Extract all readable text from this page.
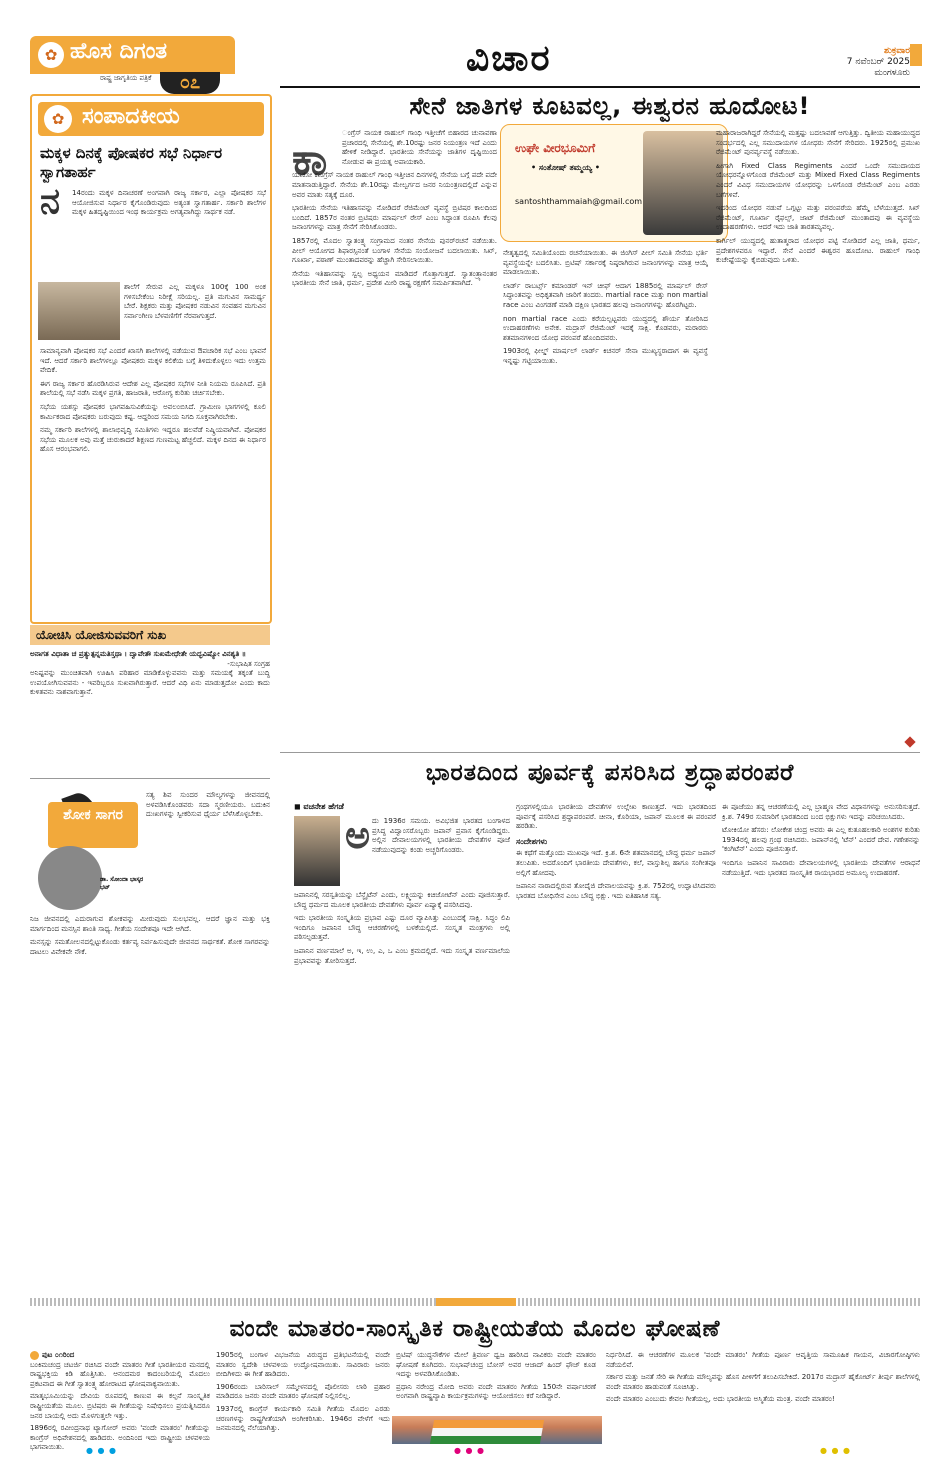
✿ ಹೊಸ ದಿಗಂತ
ರಾಷ್ಟ್ರ ಜಾಗೃತಿಯ ಪತ್ರಿಕೆ	೦೭
ವಿಚಾರ	ಶುಕ್ರವಾರ
7 ನವೆಂಬರ್ 2025
ಮಂಗಳೂರು
✿ ಸಂಪಾದಕೀಯ
ಮಕ್ಕಳ ದಿನಕ್ಕೆ ಪೋಷಕರ ಸಭೆ ನಿರ್ಧಾರ ಸ್ವಾಗತಾರ್ಹ
ನ 14ರಂದು ಮಕ್ಕಳ ದಿನಾಚರಣೆ ಅಂಗವಾಗಿ ರಾಜ್ಯ ಸರ್ಕಾರ, ಎಲ್ಲಾ ಪೋಷಕರ ಸಭೆ ಆಯೋಜಿಸುವ ನಿರ್ಧಾರ ಕೈಗೊಂಡಿರುವುದು ಅತ್ಯಂತ ಸ್ವಾಗತಾರ್ಹ. ಸರ್ಕಾರಿ ಶಾಲೆಗಳ ಮಕ್ಕಳ ಹಿತದೃಷ್ಟಿಯಿಂದ ಇಂಥ ಕಾರ್ಯಕ್ರಮ ಅಗತ್ಯವಾಗಿದ್ದು ಸಾರ್ಥಕ ನಡೆ.

ಶಾಲೆಗೆ ಸೇರುವ ಎಲ್ಲ ಮಕ್ಕಳೂ 100ಕ್ಕೆ 100 ಅಂಕ ಗಳಿಸಬೇಕೆಂಬ ನಿರೀಕ್ಷೆ ಸರಿಯಲ್ಲ. ಪ್ರತಿ ಮಗುವಿನ ಸಾಮರ್ಥ್ಯ ಬೇರೆ. ಶಿಕ್ಷಕರು ಮತ್ತು ಪೋಷಕರ ನಡುವಿನ ಸಂವಹನ ಮಗುವಿನ ಸರ್ವಾಂಗೀಣ ಬೆಳವಣಿಗೆಗೆ ನೆರವಾಗುತ್ತದೆ.

ಸಾಮಾನ್ಯವಾಗಿ ಪೋಷಕರ ಸಭೆ ಎಂದರೆ ಖಾಸಗಿ ಶಾಲೆಗಳಲ್ಲಿ ನಡೆಯುವ ಔಪಚಾರಿಕ ಸಭೆ ಎಂಬ ಭಾವನೆ ಇದೆ. ಆದರೆ ಸರ್ಕಾರಿ ಶಾಲೆಗಳಲ್ಲೂ ಪೋಷಕರು ಮಕ್ಕಳ ಕಲಿಕೆಯ ಬಗ್ಗೆ ತಿಳಿದುಕೊಳ್ಳಲು ಇದು ಉತ್ತಮ ವೇದಿಕೆ.

ಈಗ ರಾಜ್ಯ ಸರ್ಕಾರ ಹೊರಡಿಸಿರುವ ಆದೇಶ ಎಲ್ಲ ಪೋಷಕರ ಸಭೆಗಳ ನೀತಿ ನಿಯಮ ರೂಪಿಸಿದೆ. ಪ್ರತಿ ಶಾಲೆಯಲ್ಲಿ ಸಭೆ ನಡೆಸಿ ಮಕ್ಕಳ ಪ್ರಗತಿ, ಹಾಜರಾತಿ, ಆರೋಗ್ಯ ಕುರಿತು ಚರ್ಚಿಸಬೇಕು.

ಸಭೆಯ ಯಶಸ್ಸು ಪೋಷಕರ ಭಾಗವಹಿಸುವಿಕೆಯನ್ನು ಅವಲಂಬಿಸಿದೆ. ಗ್ರಾಮೀಣ ಭಾಗಗಳಲ್ಲಿ ಕೂಲಿ ಕಾರ್ಮಿಕರಾದ ಪೋಷಕರು ಬರುವುದು ಕಷ್ಟ. ಆದ್ದರಿಂದ ಸಮಯ ನಿಗದಿ ಸೂಕ್ತವಾಗಿರಬೇಕು.

ನಮ್ಮ ಸರ್ಕಾರಿ ಶಾಲೆಗಳಲ್ಲಿ ಶಾಲಾಭಿವೃದ್ಧಿ ಸಮಿತಿಗಳು ಇದ್ದರೂ ಹಲವೆಡೆ ನಿಷ್ಕ್ರಿಯವಾಗಿವೆ. ಪೋಷಕರ ಸಭೆಯ ಮೂಲಕ ಅವು ಮತ್ತೆ ಚುರುಕಾದರೆ ಶಿಕ್ಷಣದ ಗುಣಮಟ್ಟ ಹೆಚ್ಚಲಿದೆ. ಮಕ್ಕಳ ದಿನದ ಈ ನಿರ್ಧಾರ ಹೊಸ ಆರಂಭವಾಗಲಿ.

ಯೋಚಿಸಿ ಯೋಜಿಸುವವರಿಗೆ ಸುಖ

ಅನಾಗತ ವಿಧಾತಾ ಚ ಪ್ರತ್ಯುತ್ಪನ್ನಮತಿಸ್ತಥಾ । ದ್ವಾವೇತೌ ಸುಖಮೇಧೇತೇ ಯದ್ಭವಿಷ್ಯೋ ವಿನಶ್ಯತಿ ॥

-ಸುಭಾಷಿತ ಸಂಗ್ರಹ

ಅನಿಷ್ಟವನ್ನು ಮುಂಚಿತವಾಗಿ ಊಹಿಸಿ ಪರಿಹಾರ ಮಾಡಿಕೊಳ್ಳುವವನು ಮತ್ತು ಸಮಯಕ್ಕೆ ತಕ್ಕಂತೆ ಬುದ್ಧಿ ಉಪಯೋಗಿಸುವವನು - ಇವರಿಬ್ಬರೂ ಸುಖವಾಗಿರುತ್ತಾರೆ. ಆದರೆ ವಿಧಿ ಏನು ಮಾಡುತ್ತದೋ ಎಂದು ಕಾದು ಕುಳಿತವನು ನಾಶವಾಗುತ್ತಾನೆ.

ಶೋಕ ಸಾಗರ
ಡಾ. ಸೋಂದಾ ಭಾಸ್ಕರ ಭಟ್

ಸತ್ಯ ಶಿವ ಸುಂದರ ಮೌಲ್ಯಗಳನ್ನು ಜೀವನದಲ್ಲಿ ಅಳವಡಿಸಿಕೊಂಡವರು ಸದಾ ಸ್ಮರಣೀಯರು. ಬದುಕಿನ ದುಃಖಗಳನ್ನು ಸ್ವೀಕರಿಸುವ ಧೈರ್ಯ ಬೆಳೆಸಿಕೊಳ್ಳಬೇಕು.

ನಿಜ ಜೀವನದಲ್ಲಿ ಎದುರಾಗುವ ಶೋಕವನ್ನು ಮೀರುವುದು ಸುಲಭವಲ್ಲ. ಆದರೆ ಜ್ಞಾನ ಮತ್ತು ಭಕ್ತಿ ಮಾರ್ಗದಿಂದ ಮನಸ್ಸಿನ ಶಾಂತಿ ಸಾಧ್ಯ. ಗೀತೆಯ ಸಂದೇಶವೂ ಇದೇ ಆಗಿದೆ.

ಮನಸ್ಸನ್ನು ಸಮತೋಲನದಲ್ಲಿಟ್ಟುಕೊಂಡು ಕರ್ತವ್ಯ ನಿರ್ವಹಿಸುವುದೇ ಜೀವನದ ಸಾರ್ಥಕತೆ. ಶೋಕ ಸಾಗರವನ್ನು ದಾಟಲು ವಿವೇಕವೇ ನೌಕೆ.

ಸೇನೆ ಜಾತಿಗಳ ಕೂಟವಲ್ಲ, ಈಶ್ವರನ ಹೂದೋಟ!
ಕಾ

ಂಗ್ರೆಸ್ ನಾಯಕ ರಾಹುಲ್ ಗಾಂಧಿ ಇತ್ತೀಚೆಗೆ ಬಿಹಾರದ ಚುನಾವಣಾ ಪ್ರಚಾರದಲ್ಲಿ ಸೇನೆಯಲ್ಲಿ ಶೇ.10ರಷ್ಟು ಜನರ ನಿಯಂತ್ರಣ ಇದೆ ಎಂದು ಹೇಳಿಕೆ ನೀಡಿದ್ದಾರೆ. ಭಾರತೀಯ ಸೇನೆಯನ್ನು ಜಾತಿಗಳ ದೃಷ್ಟಿಯಿಂದ ನೋಡುವ ಈ ಪ್ರಯತ್ನ ಅಪಾಯಕಾರಿ.

ಯಾಕೋ ಕಾಂಗ್ರೆಸ್ ನಾಯಕ ರಾಹುಲ್ ಗಾಂಧಿ ಇತ್ತೀಚಿನ ದಿನಗಳಲ್ಲಿ ಸೇನೆಯ ಬಗ್ಗೆ ಪದೇ ಪದೇ ಮಾತನಾಡುತ್ತಿದ್ದಾರೆ. ಸೇನೆಯ ಶೇ.10ರಷ್ಟು ಮೇಲ್ವರ್ಗದ ಜನರ ನಿಯಂತ್ರಣದಲ್ಲಿದೆ ಎನ್ನುವ ಅವರ ಮಾತು ಸತ್ಯಕ್ಕೆ ದೂರ.

ಭಾರತೀಯ ಸೇನೆಯ ಇತಿಹಾಸವನ್ನು ನೋಡಿದರೆ ರೆಜಿಮೆಂಟ್ ವ್ಯವಸ್ಥೆ ಬ್ರಿಟಿಷರ ಕಾಲದಿಂದ ಬಂದಿದೆ. 1857ರ ನಂತರ ಬ್ರಿಟಿಷರು ಮಾರ್ಷಲ್ ರೇಸ್ ಎಂಬ ಸಿದ್ಧಾಂತ ರೂಪಿಸಿ ಕೆಲವು ಜನಾಂಗಗಳನ್ನು ಮಾತ್ರ ಸೇನೆಗೆ ಸೇರಿಸಿಕೊಂಡರು.

1857ರಲ್ಲಿ ಮೊದಲ ಸ್ವಾತಂತ್ರ್ಯ ಸಂಗ್ರಾಮದ ನಂತರ ಸೇನೆಯ ಪುನರ್‌ರಚನೆ ನಡೆಯಿತು. ಪೀಲ್ ಆಯೋಗದ ಶಿಫಾರಸ್ಸಿನಂತೆ ಬಂಗಾಳ ಸೇನೆಯ ಸಂಯೋಜನೆ ಬದಲಾಯಿತು. ಸಿಖ್, ಗೂರ್ಖಾ, ಪಠಾಣ್ ಮುಂತಾದವರನ್ನು ಹೆಚ್ಚಾಗಿ ಸೇರಿಸಲಾಯಿತು.

ಸೇನೆಯ ಇತಿಹಾಸವನ್ನು ಸ್ವಲ್ಪ ಅಧ್ಯಯನ ಮಾಡಿದರೆ ಗೊತ್ತಾಗುತ್ತದೆ. ಸ್ವಾತಂತ್ರ್ಯಾನಂತರ ಭಾರತೀಯ ಸೇನೆ ಜಾತಿ, ಧರ್ಮ, ಪ್ರದೇಶ ಮೀರಿ ರಾಷ್ಟ್ರ ರಕ್ಷಣೆಗೆ ಸಮರ್ಪಿತವಾಗಿದೆ.

ಉಘೇ ವೀರಭೂಮಿಗೆ
• ಸಂತೋಷ್ ತಮ್ಮಯ್ಯ •
santoshthammaiah@gmail.com

ನೇತೃತ್ವದಲ್ಲಿ ಸಮಿತಿಯೊಂದು ರಚನೆಯಾಯಿತು. ಈ ಜಿಂಗಿಸ್ ಪೀಲ್ ಸಮಿತಿ ಸೇನೆಯ ಭರ್ತಿ ವ್ಯವಸ್ಥೆಯನ್ನೇ ಬದಲಿಸಿತು. ಬ್ರಿಟಿಷ್ ಸರ್ಕಾರಕ್ಕೆ ನಿಷ್ಠರಾಗಿರುವ ಜನಾಂಗಗಳನ್ನು ಮಾತ್ರ ಆಯ್ಕೆ ಮಾಡಲಾಯಿತು.

ಲಾರ್ಡ್ ರಾಬರ್ಟ್ಸ್ ಕಮಾಂಡರ್ ಇನ್ ಚೀಫ್ ಆದಾಗ 1885ರಲ್ಲಿ ಮಾರ್ಷಲ್ ರೇಸ್ ಸಿದ್ಧಾಂತವನ್ನು ಅಧಿಕೃತವಾಗಿ ಜಾರಿಗೆ ತಂದರು. martial race ಮತ್ತು non martial race ಎಂಬ ವಿಂಗಡಣೆ ಮಾಡಿ ದಕ್ಷಿಣ ಭಾರತದ ಹಲವು ಜನಾಂಗಗಳನ್ನು ಹೊರಗಿಟ್ಟರು.

non martial race ಎಂದು ಕರೆಯಲ್ಪಟ್ಟವರು ಯುದ್ಧದಲ್ಲಿ ಶೌರ್ಯ ತೋರಿಸಿದ ಉದಾಹರಣೆಗಳು ಅನೇಕ. ಮದ್ರಾಸ್ ರೆಜಿಮೆಂಟ್ ಇದಕ್ಕೆ ಸಾಕ್ಷಿ. ಕೊಡವರು, ಮರಾಠರು ಶತಮಾನಗಳಿಂದ ಯೋಧ ಪರಂಪರೆ ಹೊಂದಿದವರು.

1903ರಲ್ಲಿ ಫೀಲ್ಡ್ ಮಾರ್ಷಲ್ ಲಾರ್ಡ್ ಕಿಚನರ್ ಸೇನಾ ಮುಖ್ಯಸ್ಥರಾದಾಗ ಈ ವ್ಯವಸ್ಥೆ ಇನ್ನಷ್ಟು ಗಟ್ಟಿಯಾಯಿತು.

ಮಹಾರಾಜರಾಗಿದ್ದರೆ ಸೇನೆಯಲ್ಲಿ ಮತ್ತಷ್ಟು ಬದಲಾವಣೆ ಆಗುತ್ತಿತ್ತು. ದ್ವಿತೀಯ ಮಹಾಯುದ್ಧದ ಸಂದರ್ಭದಲ್ಲಿ ಎಲ್ಲ ಸಮುದಾಯಗಳ ಯೋಧರು ಸೇನೆಗೆ ಸೇರಿದರು. 1925ರಲ್ಲಿ ಪ್ರಮುಖ ರೆಜಿಮೆಂಟ್ ಪುನರ್ವ್ಯವಸ್ಥೆ ನಡೆಯಿತು.

ಹೀಗಾಗಿ Fixed Class Regiments ಎಂದರೆ ಒಂದೇ ಸಮುದಾಯದ ಯೋಧರನ್ನೊಳಗೊಂಡ ರೆಜಿಮೆಂಟ್ ಮತ್ತು Mixed Fixed Class Regiments ಎಂದರೆ ವಿವಿಧ ಸಮುದಾಯಗಳ ಯೋಧರನ್ನು ಒಳಗೊಂಡ ರೆಜಿಮೆಂಟ್ ಎಂಬ ಎರಡು ಬಗೆಗಳಿವೆ.

ಇದರಿಂದ ಯೋಧರ ನಡುವೆ ಒಗ್ಗಟ್ಟು ಮತ್ತು ಪರಂಪರೆಯ ಹೆಮ್ಮೆ ಬೆಳೆಯುತ್ತದೆ. ಸಿಖ್ ರೆಜಿಮೆಂಟ್, ಗೂರ್ಖಾ ರೈಫಲ್ಸ್, ಜಾಟ್ ರೆಜಿಮೆಂಟ್ ಮುಂತಾದವು ಈ ವ್ಯವಸ್ಥೆಯ ಉದಾಹರಣೆಗಳು. ಆದರೆ ಇದು ಜಾತಿ ತಾರತಮ್ಯವಲ್ಲ.

ಕಾರ್ಗಿಲ್ ಯುದ್ಧದಲ್ಲಿ ಹುತಾತ್ಮರಾದ ಯೋಧರ ಪಟ್ಟಿ ನೋಡಿದರೆ ಎಲ್ಲ ಜಾತಿ, ಧರ್ಮ, ಪ್ರದೇಶಗಳವರೂ ಇದ್ದಾರೆ. ಸೇನೆ ಎಂದರೆ ಈಶ್ವರನ ಹೂದೋಟ. ರಾಹುಲ್ ಗಾಂಧಿ ಕುಚೇಷ್ಟೆಯನ್ನು ಕೈಬಿಡುವುದು ಒಳಿತು.

ಭಾರತದಿಂದ ಪೂರ್ವಕ್ಕೆ ಪಸರಿಸಿದ ಶ್ರದ್ಧಾಪರಂಪರೆ
◼ ವಚನೇಶ ಹೆಗಡೆ
ಅ ದು 1936ರ ಸಮಯ. ಅವಿಭಜಿತ ಭಾರತದ ಬಂಗಾಳದ ಪ್ರಸಿದ್ಧ ವಿದ್ವಾಂಸರೊಬ್ಬರು ಜಪಾನ್ ಪ್ರವಾಸ ಕೈಗೊಂಡಿದ್ದರು. ಅಲ್ಲಿನ ದೇವಾಲಯಗಳಲ್ಲಿ ಭಾರತೀಯ ದೇವತೆಗಳ ಪೂಜೆ ನಡೆಯುವುದನ್ನು ಕಂಡು ಅಚ್ಚರಿಗೊಂಡರು.

ಜಪಾನಿನಲ್ಲಿ ಸರಸ್ವತಿಯನ್ನು ಬೆನ್ಜೈಟೆನ್ ಎಂದು, ಲಕ್ಷ್ಮಿಯನ್ನು ಕಿಚಿಜೋಟೆನ್ ಎಂದು ಪೂಜಿಸುತ್ತಾರೆ. ಬೌದ್ಧ ಧರ್ಮದ ಮೂಲಕ ಭಾರತೀಯ ದೇವತೆಗಳು ಪೂರ್ವ ಏಷ್ಯಾಕ್ಕೆ ಪಸರಿಸಿದವು.

ಇದು ಭಾರತೀಯ ಸಂಸ್ಕೃತಿಯ ಪ್ರಭಾವ ಎಷ್ಟು ದೂರ ವ್ಯಾಪಿಸಿತ್ತು ಎಂಬುದಕ್ಕೆ ಸಾಕ್ಷಿ. ಸಿದ್ಧಂ ಲಿಪಿ ಇಂದಿಗೂ ಜಪಾನಿನ ಬೌದ್ಧ ಆಚರಣೆಗಳಲ್ಲಿ ಬಳಕೆಯಲ್ಲಿದೆ. ಸಂಸ್ಕೃತ ಮಂತ್ರಗಳು ಅಲ್ಲಿ ಪಠಿಸಲ್ಪಡುತ್ತವೆ.

ಜಪಾನಿನ ವರ್ಣಮಾಲೆ ಅ, ಇ, ಉ, ಎ, ಒ ಎಂಬ ಕ್ರಮದಲ್ಲಿದೆ. ಇದು ಸಂಸ್ಕೃತ ವರ್ಣಮಾಲೆಯ ಪ್ರಭಾವವನ್ನು ತೋರಿಸುತ್ತದೆ.

ಗ್ರಂಥಗಳಲ್ಲಿಯೂ ಭಾರತೀಯ ದೇವತೆಗಳ ಉಲ್ಲೇಖ ಕಾಣುತ್ತದೆ. ಇದು ಭಾರತದಿಂದ ಪೂರ್ವಕ್ಕೆ ಪಸರಿಸಿದ ಶ್ರದ್ಧಾಪರಂಪರೆ. ಚೀನಾ, ಕೊರಿಯಾ, ಜಪಾನ್ ಮೂಲಕ ಈ ಪರಂಪರೆ ಹರಡಿತು.

ಸಂದೇಶಗಳು

ಈ ಕಥೆಗೆ ಮತ್ತೊಂದು ಮುಖವೂ ಇದೆ. ಕ್ರಿ.ಶ. 6ನೇ ಶತಮಾನದಲ್ಲಿ ಬೌದ್ಧ ಧರ್ಮ ಜಪಾನ್ ತಲುಪಿತು. ಅದರೊಂದಿಗೆ ಭಾರತೀಯ ದೇವತೆಗಳು, ಕಲೆ, ವಾಸ್ತುಶಿಲ್ಪ ಹಾಗೂ ಸಂಗೀತವೂ ಅಲ್ಲಿಗೆ ಹೋದವು.

ಜಪಾನಿನ ನಾರಾದಲ್ಲಿರುವ ತೋದೈಜಿ ದೇವಾಲಯವನ್ನು ಕ್ರಿ.ಶ. 752ರಲ್ಲಿ ಉದ್ಘಾಟಿಸಿದವರು ಭಾರತದ ಬೋಧಿಸೇನ ಎಂಬ ಬೌದ್ಧ ಭಿಕ್ಷು. ಇದು ಐತಿಹಾಸಿಕ ಸತ್ಯ.

ಈ ಪೂಜೆಯು ತನ್ನ ಆಚರಣೆಯಲ್ಲಿ ಎಲ್ಲ ಬ್ರಾಹ್ಮಣ ವೇದ ವಿಧಾನಗಳನ್ನು ಅನುಸರಿಸುತ್ತದೆ. ಕ್ರಿ.ಶ. 749ರ ಸುಮಾರಿಗೆ ಭಾರತದಿಂದ ಬಂದ ಭಿಕ್ಷುಗಳು ಇದನ್ನು ಪರಿಚಯಿಸಿದರು.

ಟೋಕಿಯೋ ಹೆಸರು: ಲೋಕೇಶ ಚಂದ್ರ ಅವರು ಈ ಎಲ್ಲ ಕುತೂಹಲಕಾರಿ ಅಂಶಗಳ ಕುರಿತು 1934ರಲ್ಲಿ ಹಲವು ಗ್ರಂಥ ರಚಿಸಿದರು. ಜಪಾನ್‌ನಲ್ಲಿ 'ಟೆನ್' ಎಂದರೆ ದೇವ. ಗಣೇಶನನ್ನು 'ಕಂಗಿಟೆನ್' ಎಂದು ಪೂಜಿಸುತ್ತಾರೆ.

ಇಂದಿಗೂ ಜಪಾನಿನ ಸಾವಿರಾರು ದೇವಾಲಯಗಳಲ್ಲಿ ಭಾರತೀಯ ದೇವತೆಗಳ ಆರಾಧನೆ ನಡೆಯುತ್ತಿದೆ. ಇದು ಭಾರತದ ಸಾಂಸ್ಕೃತಿಕ ರಾಯಭಾರದ ಅಮೂಲ್ಯ ಉದಾಹರಣೆ.

ವಂದೇ ಮಾತರಂ-ಸಾಂಸ್ಕೃತಿಕ ರಾಷ್ಟ್ರೀಯತೆಯ ಮೊದಲ ಘೋಷಣೆ

ಪುಟ ೦೧ರಿಂದ

ಬಂಕಿಮಚಂದ್ರ ಚಟರ್ಜಿ ರಚಿಸಿದ ವಂದೇ ಮಾತರಂ ಗೀತೆ ಭಾರತೀಯರ ಮನದಲ್ಲಿ ರಾಷ್ಟ್ರಭಕ್ತಿಯ ಕಿಡಿ ಹೊತ್ತಿಸಿತು. ಆನಂದಮಠ ಕಾದಂಬರಿಯಲ್ಲಿ ಮೊದಲು ಪ್ರಕಟವಾದ ಈ ಗೀತೆ ಸ್ವಾತಂತ್ರ್ಯ ಹೋರಾಟದ ಘೋಷವಾಕ್ಯವಾಯಿತು.

ಮಾತೃಭೂಮಿಯನ್ನು ದೇವಿಯ ರೂಪದಲ್ಲಿ ಕಾಣುವ ಈ ಕಲ್ಪನೆ ಸಾಂಸ್ಕೃತಿಕ ರಾಷ್ಟ್ರೀಯತೆಯ ಮೂಲ. ಬ್ರಿಟಿಷರು ಈ ಗೀತೆಯನ್ನು ನಿಷೇಧಿಸಲು ಪ್ರಯತ್ನಿಸಿದರೂ ಜನರ ಬಾಯಲ್ಲಿ ಅದು ಮೊಳಗುತ್ತಲೇ ಇತ್ತು.

1896ರಲ್ಲಿ ರವೀಂದ್ರನಾಥ ಟ್ಯಾಗೋರ್ ಅವರು 'ವಂದೇ ಮಾತರಂ' ಗೀತೆಯನ್ನು ಕಾಂಗ್ರೆಸ್ ಅಧಿವೇಶನದಲ್ಲಿ ಹಾಡಿದರು. ಅಂದಿನಿಂದ ಇದು ರಾಷ್ಟ್ರೀಯ ಚಳವಳಿಯ ಭಾಗವಾಯಿತು.

1905ರಲ್ಲಿ ಬಂಗಾಳ ವಿಭಜನೆಯ ವಿರುದ್ಧದ ಪ್ರತಿಭಟನೆಯಲ್ಲಿ ವಂದೇ ಮಾತರಂ ಸ್ವದೇಶಿ ಚಳವಳಿಯ ಉದ್ಘೋಷವಾಯಿತು. ಸಾವಿರಾರು ಜನರು ಬೀದಿಗಿಳಿದು ಈ ಗೀತೆ ಹಾಡಿದರು.

1906ರಂದು ಬಾರಿಸಾಲ್ ಸಮ್ಮೇಳನದಲ್ಲಿ ಪೊಲೀಸರು ಲಾಠಿ ಪ್ರಹಾರ ಮಾಡಿದರೂ ಜನರು ವಂದೇ ಮಾತರಂ ಘೋಷಣೆ ನಿಲ್ಲಿಸಲಿಲ್ಲ.

1937ರಲ್ಲಿ ಕಾಂಗ್ರೆಸ್ ಕಾರ್ಯಕಾರಿ ಸಮಿತಿ ಗೀತೆಯ ಮೊದಲ ಎರಡು ಚರಣಗಳನ್ನು ರಾಷ್ಟ್ರಗೀತೆಯಾಗಿ ಅಂಗೀಕರಿಸಿತು. 1946ರ ವೇಳೆಗೆ ಇದು ಜನಮನದಲ್ಲಿ ನೆಲೆಯಾಗಿತ್ತು.

ಬ್ರಿಟಿಷ್ ಯುದ್ಧನೌಕೆಗಳ ಮೇಲೆ ತ್ರಿವರ್ಣ ಧ್ವಜ ಹಾರಿಸಿದ ನಾವಿಕರು ವಂದೇ ಮಾತರಂ ಘೋಷಣೆ ಕೂಗಿದರು. ಸುಭಾಷ್‌ಚಂದ್ರ ಬೋಸ್ ಅವರ ಆಜಾದ್ ಹಿಂದ್ ಫೌಜ್ ಕೂಡ ಇದನ್ನು ಅಳವಡಿಸಿಕೊಂಡಿತು.

ಪ್ರಧಾನಿ ನರೇಂದ್ರ ಮೋದಿ ಅವರು ವಂದೇ ಮಾತರಂ ಗೀತೆಯ 150ನೇ ವರ್ಷಾಚರಣೆ ಅಂಗವಾಗಿ ರಾಷ್ಟ್ರವ್ಯಾಪಿ ಕಾರ್ಯಕ್ರಮಗಳನ್ನು ಆಯೋಜಿಸಲು ಕರೆ ನೀಡಿದ್ದಾರೆ.

ನಿರ್ಧರಿಸಿದೆ. ಈ ಆಚರಣೆಗಳ ಮೂಲಕ 'ವಂದೇ ಮಾತರಂ' ಗೀತೆಯ ಪೂರ್ಣ ಆವೃತ್ತಿಯ ಸಾಮೂಹಿಕ ಗಾಯನ, ವಿಚಾರಗೋಷ್ಠಿಗಳು ನಡೆಯಲಿವೆ.

ಸರ್ಕಾರ ಮತ್ತು ಜನತೆ ಸೇರಿ ಈ ಗೀತೆಯ ಮೌಲ್ಯವನ್ನು ಹೊಸ ಪೀಳಿಗೆಗೆ ತಲುಪಿಸಬೇಕಿದೆ. 2017ರ ಮದ್ರಾಸ್ ಹೈಕೋರ್ಟ್ ತೀರ್ಪು ಶಾಲೆಗಳಲ್ಲಿ ವಂದೇ ಮಾತರಂ ಹಾಡುವಂತೆ ಸೂಚಿಸಿತ್ತು.

ವಂದೇ ಮಾತರಂ ಎಂಬುದು ಕೇವಲ ಗೀತೆಯಲ್ಲ, ಅದು ಭಾರತೀಯ ಅಸ್ಮಿತೆಯ ಮಂತ್ರ. ವಂದೇ ಮಾತರಂ!

● ● ●	● ● ●	● ● ●
